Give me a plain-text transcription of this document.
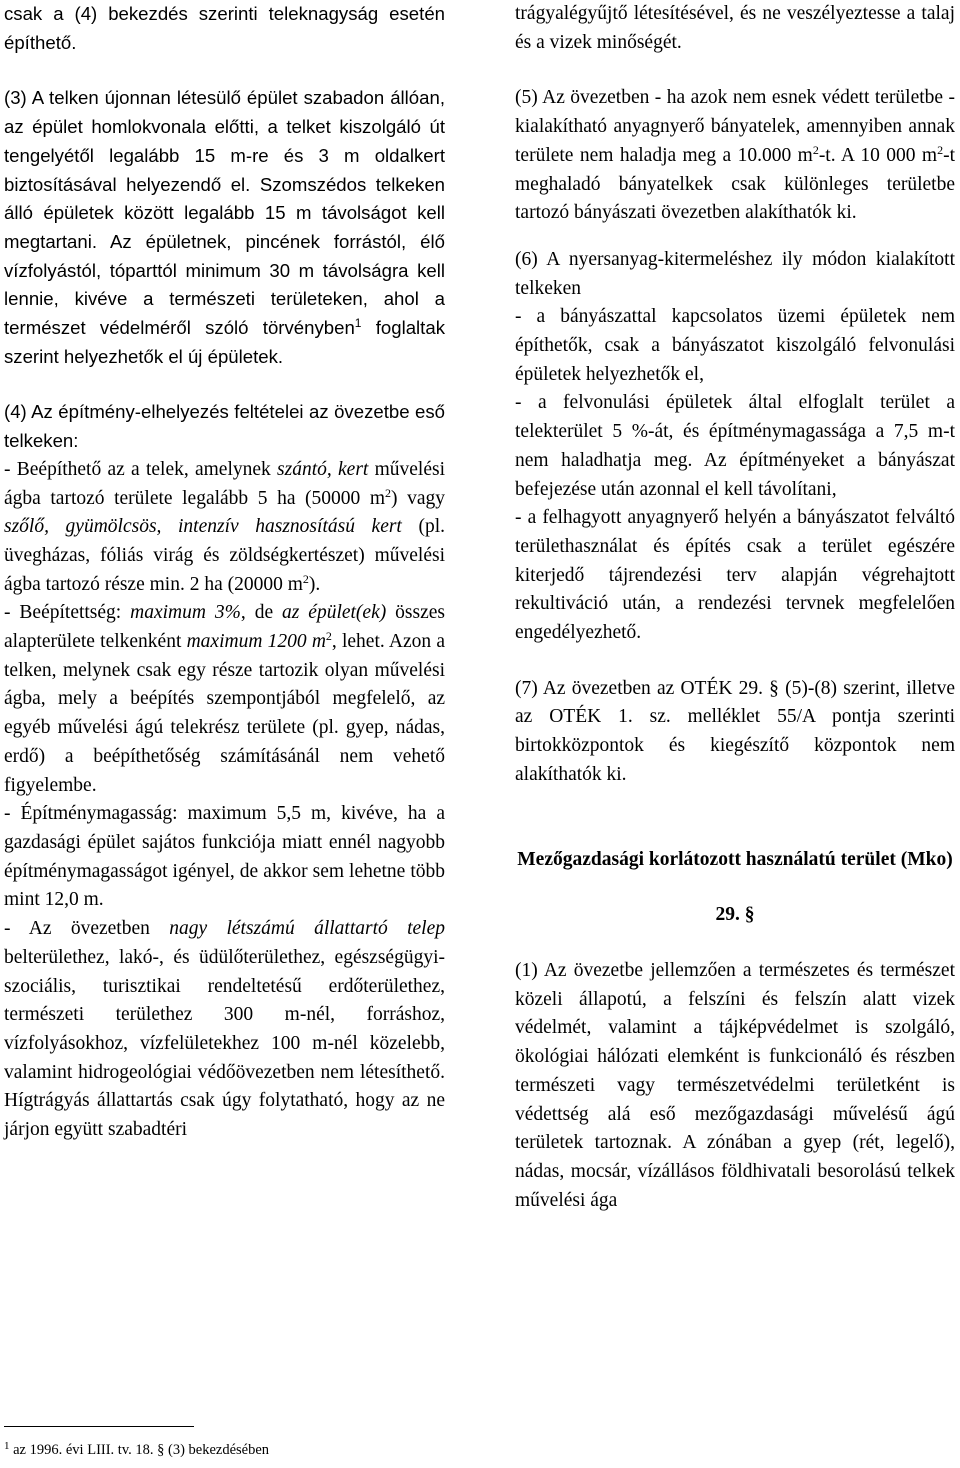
csak a (4) bekezdés szerinti teleknagyság esetén építhető.

(3) A telken újonnan létesülő épület szabadon állóan, az épület homlokvonala előtti, a telket kiszolgáló út tengelyétől legalább 15 m-re és 3 m oldalkert biztosításával helyezendő el. Szomszédos telkeken álló épületek között legalább 15 m távolságot kell megtartani. Az épületnek, pincének forrástól, élő vízfolyástól, tóparttól minimum 30 m távolságra kell lennie, kivéve a természeti területeken, ahol a természet védelméről szóló törvényben$^1$ foglaltak szerint helyezhetők el új épületek.

(4) Az építmény-elhelyezés feltételei az övezetbe eső telkeken:

- Beépíthető az a telek, amelynek szántó, kert művelési ágba tartozó területe legalább 5 ha (50000 $m^2$) vagy szőlő, gyümölcsös, intenzív hasznosítású kert (pl. üvegházas, fóliás virág és zöldségkertészet) művelési ágba tartozó része min. 2 ha (20000 $m^2$).

- Beépítettség: maximum 3%, de az épület(ek) összes alapterülete telkenként maximum 1200 $m^2$, lehet. Azon a telken, melynek csak egy része tartozik olyan művelési ágba, mely a beépítés szempontjából megfelelő, az egyéb művelési ágú telekrész területe (pl. gyep, nádas, erdő) a beépíthetőség számításánál nem vehető figyelembe.

- Építménymagasság: maximum 5,5 m, kivéve, ha a gazdasági épület sajátos funkciója miatt ennél nagyobb építménymagasságot igényel, de akkor sem lehetne több mint 12,0 m.

- Az övezetben nagy létszámú állattartó telep belterülethez, lakó-, és üdülőterülethez, egészségügyi- szociális, turisztikai rendeltetésű erdőterülethez, természeti területhez 300 m-nél, forráshoz, vízfolyásokhoz, vízfelületekhez 100 m-nél közelebb, valamint hidrogeológiai védőövezetben nem létesíthető. Hígtrágyás állattartás csak úgy folytatható, hogy az ne járjon együtt szabadtéri

trágyalégyűjtő létesítésével, és ne veszélyeztesse a talaj és a vizek minőségét.

(5) Az övezetben - ha azok nem esnek védett területbe - kialakítható anyagnyerő bányatelek, amennyiben annak területe nem haladja meg a 10.000 $m^2-t$. A 10 000 $m^2-t$ meghaladó bányatelkek csak különleges területbe tartozó bányászati övezetben alakíthatók ki.

(6) A nyersanyag-kitermeléshez ily módon kialakított telkeken

- a bányászattal kapcsolatos üzemi épületek nem építhetők, csak a bányászatot kiszolgáló felvonulási épületek helyezhetők el,

- a felvonulási épületek által elfoglalt terület a telekterület 5 %-át, és építménymagassága a 7,5 m-t nem haladhatja meg. Az építményeket a bányászat befejezése után azonnal el kell távolítani,

- a felhagyott anyagnyerő helyén a bányászatot felváltó területhasználat és építés csak a terület egészére kiterjedő tájrendezési terv alapján végrehajtott rekultiváció után, a rendezési tervnek megfelelően engedélyezhető.

(7) Az övezetben az OTÉK 29. § (5)-(8) szerint, illetve az OTÉK 1. sz. melléklet 55/A pontja szerinti birtokközpontok és kiegészítő központok nem alakíthatók ki.

Mezőgazdasági korlátozott használatú terület (Mko)

29. §

(1) Az övezetbe jellemzően a természetes és természet közeli állapotú, a felszíni és felszín alatt vizek védelmét, valamint a tájképvédelmet is szolgáló, ökológiai hálózati elemként is funkcionáló és részben természeti vagy természetvédelmi területként is védettség alá eső mezőgazdasági művelésű ágú területek tartoznak. A zónában a gyep (rét, legelő), nádas, mocsár, vízállásos földhivatali besorolású telkek művelési ága

$^1$ az 1996. évi LIII. tv. 18. § (3) bekezdésében
